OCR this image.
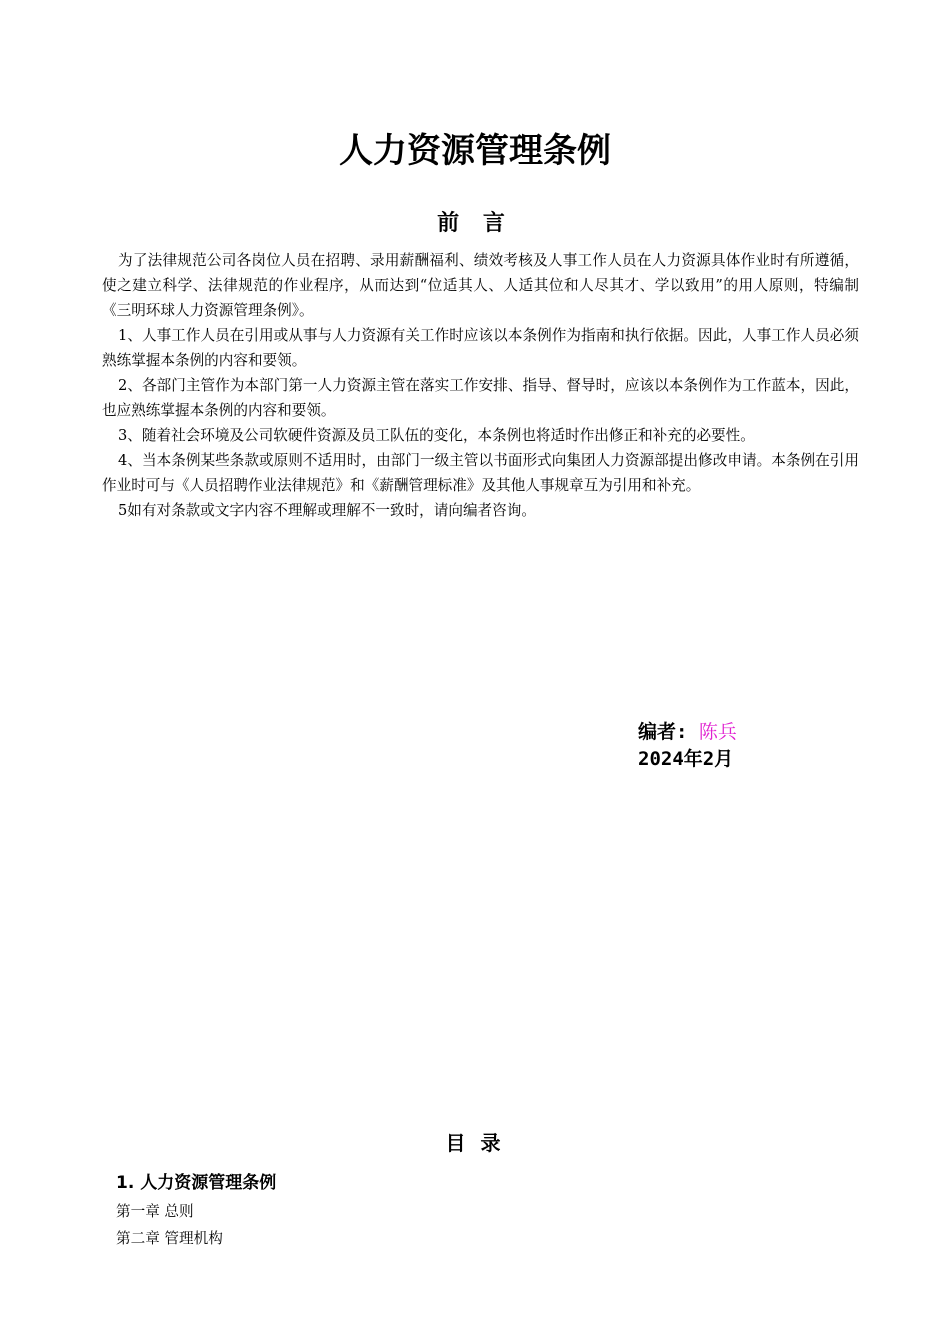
人力资源管理条例
前 言

为了法律规范公司各岗位人员在招聘、录用薪酬福利、绩效考核及人事工作人员在人力资源具体作业时有所遵循，使之建立科学、法律规范的作业程序，从而达到“位适其人、人适其位和人尽其才、学以致用”的用人原则，特编制《三明环球人力资源管理条例》。

1、人事工作人员在引用或从事与人力资源有关工作时应该以本条例作为指南和执行依据。因此，人事工作人员必须熟练掌握本条例的内容和要领。

2、各部门主管作为本部门第一人力资源主管在落实工作安排、指导、督导时，应该以本条例作为工作蓝本，因此，也应熟练掌握本条例的内容和要领。

3、随着社会环境及公司软硬件资源及员工队伍的变化，本条例也将适时作出修正和补充的必要性。

4、当本条例某些条款或原则不适用时，由部门一级主管以书面形式向集团人力资源部提出修改申请。本条例在引用作业时可与《人员招聘作业法律规范》和《薪酬管理标准》及其他人事规章互为引用和补充。

5如有对条款或文字内容不理解或理解不一致时，请向编者咨询。

编者: 陈兵
2024年2月
目 录
1. 人力资源管理条例
第一章 总则
第二章 管理机构
